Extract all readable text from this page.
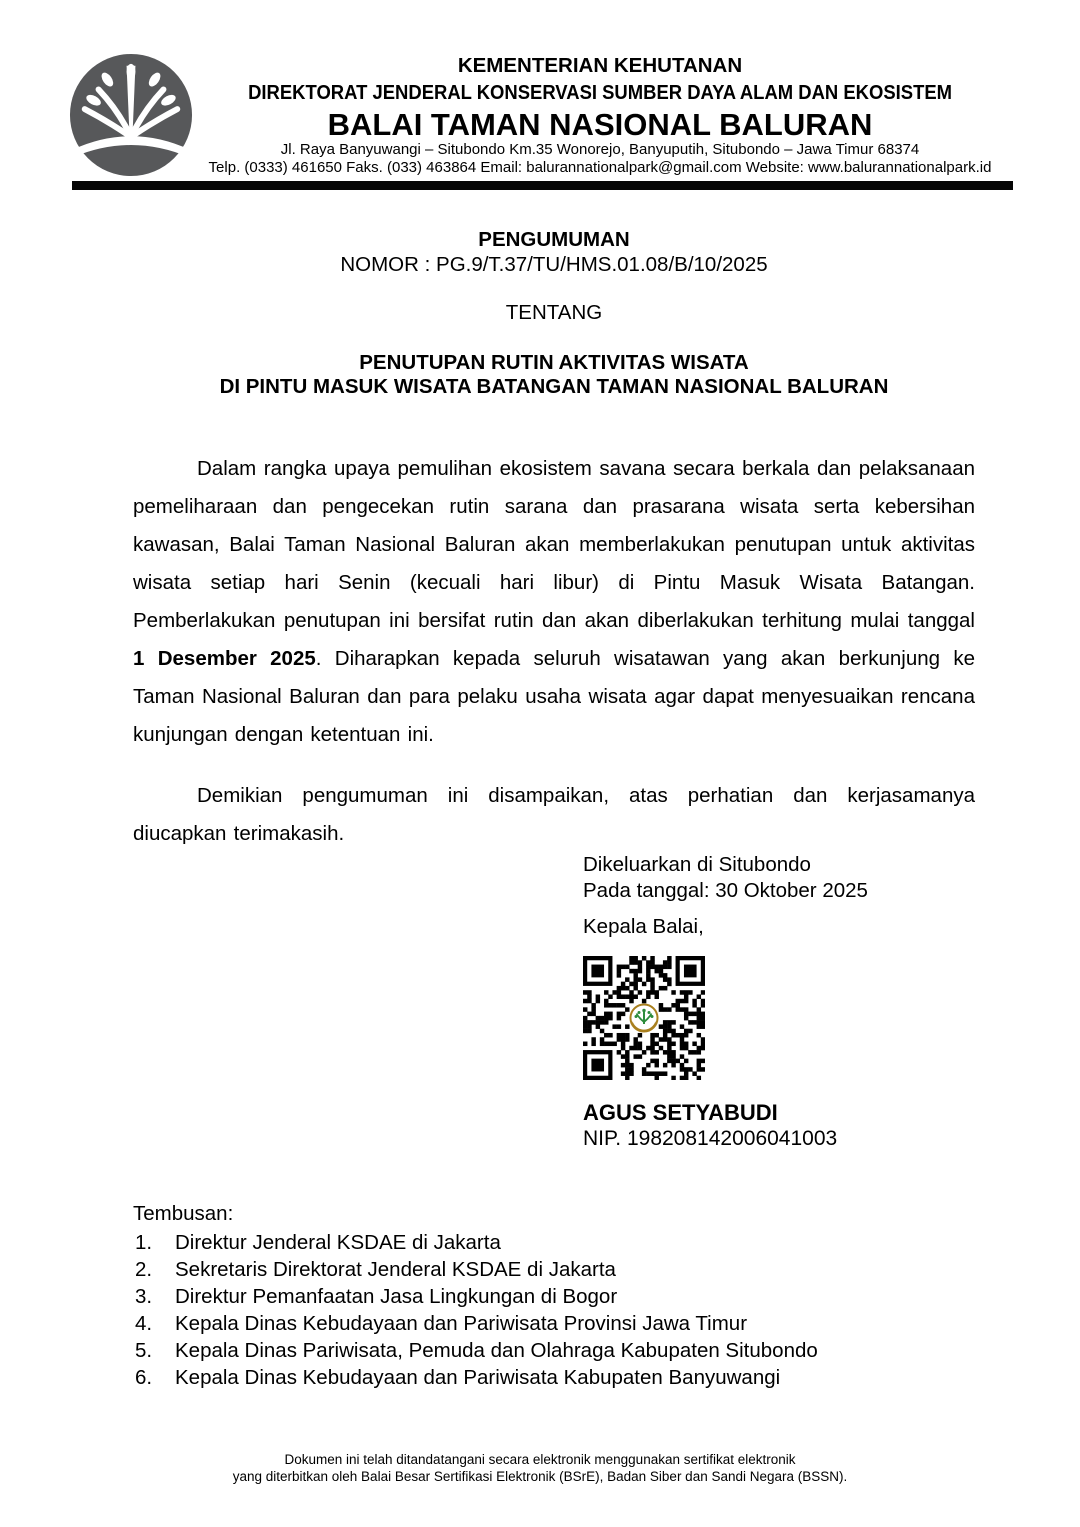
KEMENTERIAN KEHUTANAN
DIREKTORAT JENDERAL KONSERVASI SUMBER DAYA ALAM DAN EKOSISTEM
BALAI TAMAN NASIONAL BALURAN
Jl. Raya Banyuwangi – Situbondo Km.35 Wonorejo, Banyuputih, Situbondo – Jawa Timur 68374
Telp. (0333) 461650 Faks. (033) 463864 Email: balurannationalpark@gmail.com Website: www.balurannationalpark.id
PENGUMUMAN
NOMOR : PG.9/T.37/TU/HMS.01.08/B/10/2025
TENTANG
PENUTUPAN RUTIN AKTIVITAS WISATA
DI PINTU MASUK WISATA BATANGAN TAMAN NASIONAL BALURAN
Dalam rangka upaya pemulihan ekosistem savana secara berkala dan pelaksanaan pemeliharaan dan pengecekan rutin sarana dan prasarana wisata serta kebersihan kawasan, Balai Taman Nasional Baluran akan memberlakukan penutupan untuk aktivitas wisata setiap hari Senin (kecuali hari libur) di Pintu Masuk Wisata Batangan. Pemberlakukan penutupan ini bersifat rutin dan akan diberlakukan terhitung mulai tanggal 1 Desember 2025. Diharapkan kepada seluruh wisatawan yang akan berkunjung ke Taman Nasional Baluran dan para pelaku usaha wisata agar dapat menyesuaikan rencana kunjungan dengan ketentuan ini.
Demikian pengumuman ini disampaikan, atas perhatian dan kerjasamanya diucapkan terimakasih.
Dikeluarkan di Situbondo
Pada tanggal: 30 Oktober 2025
Kepala Balai,
AGUS SETYABUDI
NIP. 198208142006041003
Tembusan:
Direktur Jenderal KSDAE di Jakarta
Sekretaris Direktorat Jenderal KSDAE di Jakarta
Direktur Pemanfaatan Jasa Lingkungan di Bogor
Kepala Dinas Kebudayaan dan Pariwisata Provinsi Jawa Timur
Kepala Dinas Pariwisata, Pemuda dan Olahraga Kabupaten Situbondo
Kepala Dinas Kebudayaan dan Pariwisata Kabupaten Banyuwangi
Dokumen ini telah ditandatangani secara elektronik menggunakan sertifikat elektronik
yang diterbitkan oleh Balai Besar Sertifikasi Elektronik (BSrE), Badan Siber dan Sandi Negara (BSSN).
